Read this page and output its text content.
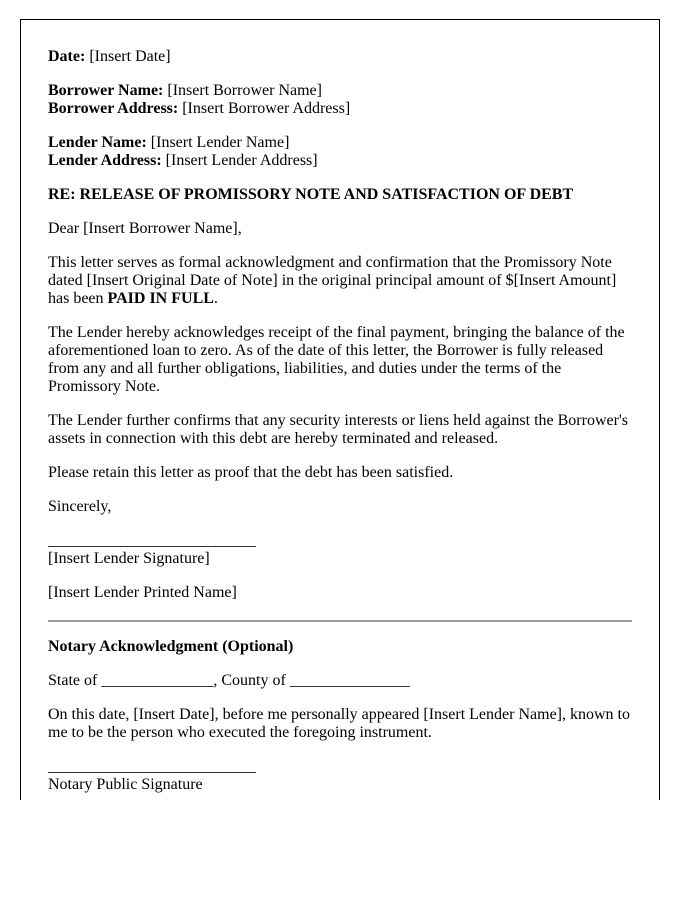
Date: [Insert Date]

Borrower Name: [Insert Borrower Name]
Borrower Address: [Insert Borrower Address]

Lender Name: [Insert Lender Name]
Lender Address: [Insert Lender Address]

RE: RELEASE OF PROMISSORY NOTE AND SATISFACTION OF DEBT

Dear [Insert Borrower Name],

This letter serves as formal acknowledgment and confirmation that the Promissory Note dated [Insert Original Date of Note] in the original principal amount of $[Insert Amount] has been PAID IN FULL.

The Lender hereby acknowledges receipt of the final payment, bringing the balance of the aforementioned loan to zero. As of the date of this letter, the Borrower is fully released from any and all further obligations, liabilities, and duties under the terms of the Promissory Note.

The Lender further confirms that any security interests or liens held against the Borrower's assets in connection with this debt are hereby terminated and released.

Please retain this letter as proof that the debt has been satisfied.

Sincerely,

__________________________
[Insert Lender Signature]

[Insert Lender Printed Name]

Notary Acknowledgment (Optional)

State of ______________, County of _______________

On this date, [Insert Date], before me personally appeared [Insert Lender Name], known to me to be the person who executed the foregoing instrument.

__________________________
Notary Public Signature
